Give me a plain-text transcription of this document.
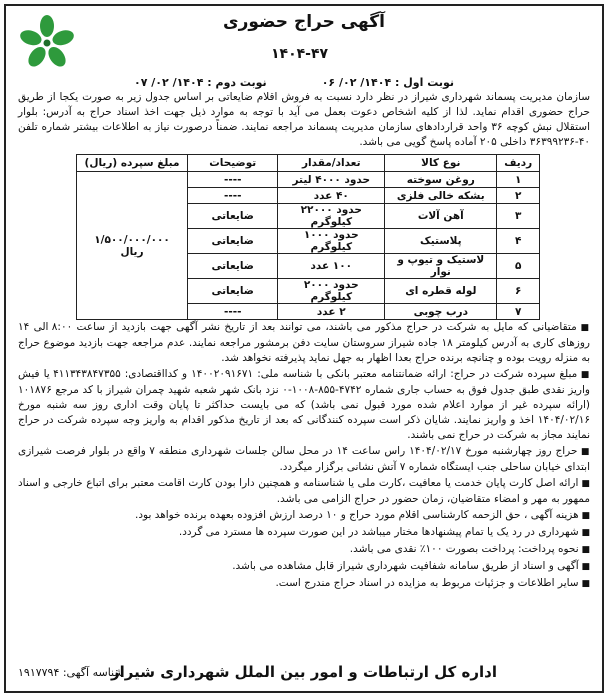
آگهی حراج حضوری
۱۴۰۴-۴۷
نوبت اول : ۱۴۰۴/ ۰۲/ ۰۶
نوبت دوم : ۱۴۰۴/ ۰۲/ ۰۷
سازمان مدیریت پسماند شهرداری شیراز در نظر دارد نسبت به فروش اقلام ضایعاتی بر اساس جدول زیر به صورت یکجا از طریق حراج حضوری اقدام نماید. لذا از کلیه اشخاص دعوت بعمل می آید با توجه به موارد ذیل جهت اخذ اسناد حراج به آدرس: بلوار استقلال نبش کوچه ۳۶ واحد قراردادهای سازمان مدیریت پسماند مراجعه نمایند. ضمناً درصورت نیاز به اطلاعات بیشتر شماره تلفن ۴۰-۳۶۳۹۹۲۳۶ داخلی ۲۰۵ آماده پاسخ گویی می باشد.
ردیف	نوع کالا	تعداد/مقدار	توضیحات	مبلغ سپرده (ریال)
۱	روغن سوخته	حدود ۴۰۰۰ لیتر	----	۱/۵۰۰/۰۰۰/۰۰۰ ریال
۲	بشکه خالی فلزی	۴۰ عدد	----	
۳	آهن آلات	حدود ۲۲۰۰۰ کیلوگرم	ضایعاتی	
۴	پلاستیک	حدود ۱۰۰۰ کیلوگرم	ضایعاتی	
۵	لاستیک و تیوپ و نوار	۱۰۰ عدد	ضایعاتی	
۶	لوله قطره ای	حدود ۲۰۰۰ کیلوگرم	ضایعاتی	
۷	درب چوبی	۲ عدد	----	

■ متقاضیانی که مایل به شرکت در حراج مذکور می باشند، می توانند بعد از تاریخ نشر آگهی جهت بازدید از ساعت ۸:۰۰ الی ۱۴ روزهای کاری به آدرس کیلومتر ۱۸ جاده شیراز سروستان سایت دفن برمشور مراجعه نمایند. عدم مراجعه جهت بازدید موضوع حراج به منزله رویت بوده و چنانچه برنده حراج بعدا اظهار به جهل نماید پذیرفته نخواهد شد.

■ مبلغ سپرده شرکت در حراج: ارائه ضمانتنامه معتبر بانکی با شناسه ملی: ۱۴۰۰۲۰۹۱۶۷۱ و کدااقتصادی: ۴۱۱۳۴۳۸۴۷۳۵۵ یا فیش واریز نقدی طبق جدول فوق به حساب جاری شماره ۴۷۴۲-۸۵۵-۱۰۰۸-۰ نزد بانک شهر شعبه شهید چمران شیراز با کد مرجع ۱۰۱۸۷۶ (ارائه سپرده غیر از موارد اعلام شده مورد قبول نمی باشد) که می بایست حداکثر تا پایان وقت اداری روز سه شنبه مورخ ۱۴۰۴/۰۲/۱۶ اخذ و واریز نمایند. شایان ذکر است سپرده کنندگانی که بعد از تاریخ مذکور اقدام به واریز وجه سپرده شرکت در حراج نمایند مجاز به شرکت در حراج نمی باشند.

■ حراج روز چهارشنبه مورخ ۱۴۰۴/۰۲/۱۷ راس ساعت ۱۴ در محل سالن جلسات شهرداری منطقه ۷ واقع در بلوار فرصت شیرازی ابتدای خیابان ساحلی جنب ایستگاه شماره ۷ آتش نشانی برگزار میگردد.

■ ارائه اصل کارت پایان خدمت یا معافیت ،کارت ملی یا شناسنامه و همچنین دارا بودن کارت اقامت معتبر برای اتباع خارجی و اسناد ممهور به مهر و امضاء متقاضیان، زمان حضور در حراج الزامی می باشد.

■ هزینه آگهی ، حق الزحمه کارشناسی اقلام مورد حراج و ۱۰ درصد ارزش افزوده بعهده برنده خواهد بود.

■ شهرداری در رد یک یا تمام پیشنهادها مختار میباشد در این صورت سپرده ها مسترد می گردد.

■ نحوه پرداخت: پرداخت بصورت ۱۰۰٪ نقدی می باشد.

■ آگهی و اسناد از طریق سامانه شفافیت شهرداری شیراز قابل مشاهده می باشد.

■ سایر اطلاعات و جزئیات مربوط به مزایده در اسناد حراج مندرج است.

اداره کل ارتباطات و امور بین الملل شهرداری شیراز
شناسه آگهی: ۱۹۱۷۷۹۴
